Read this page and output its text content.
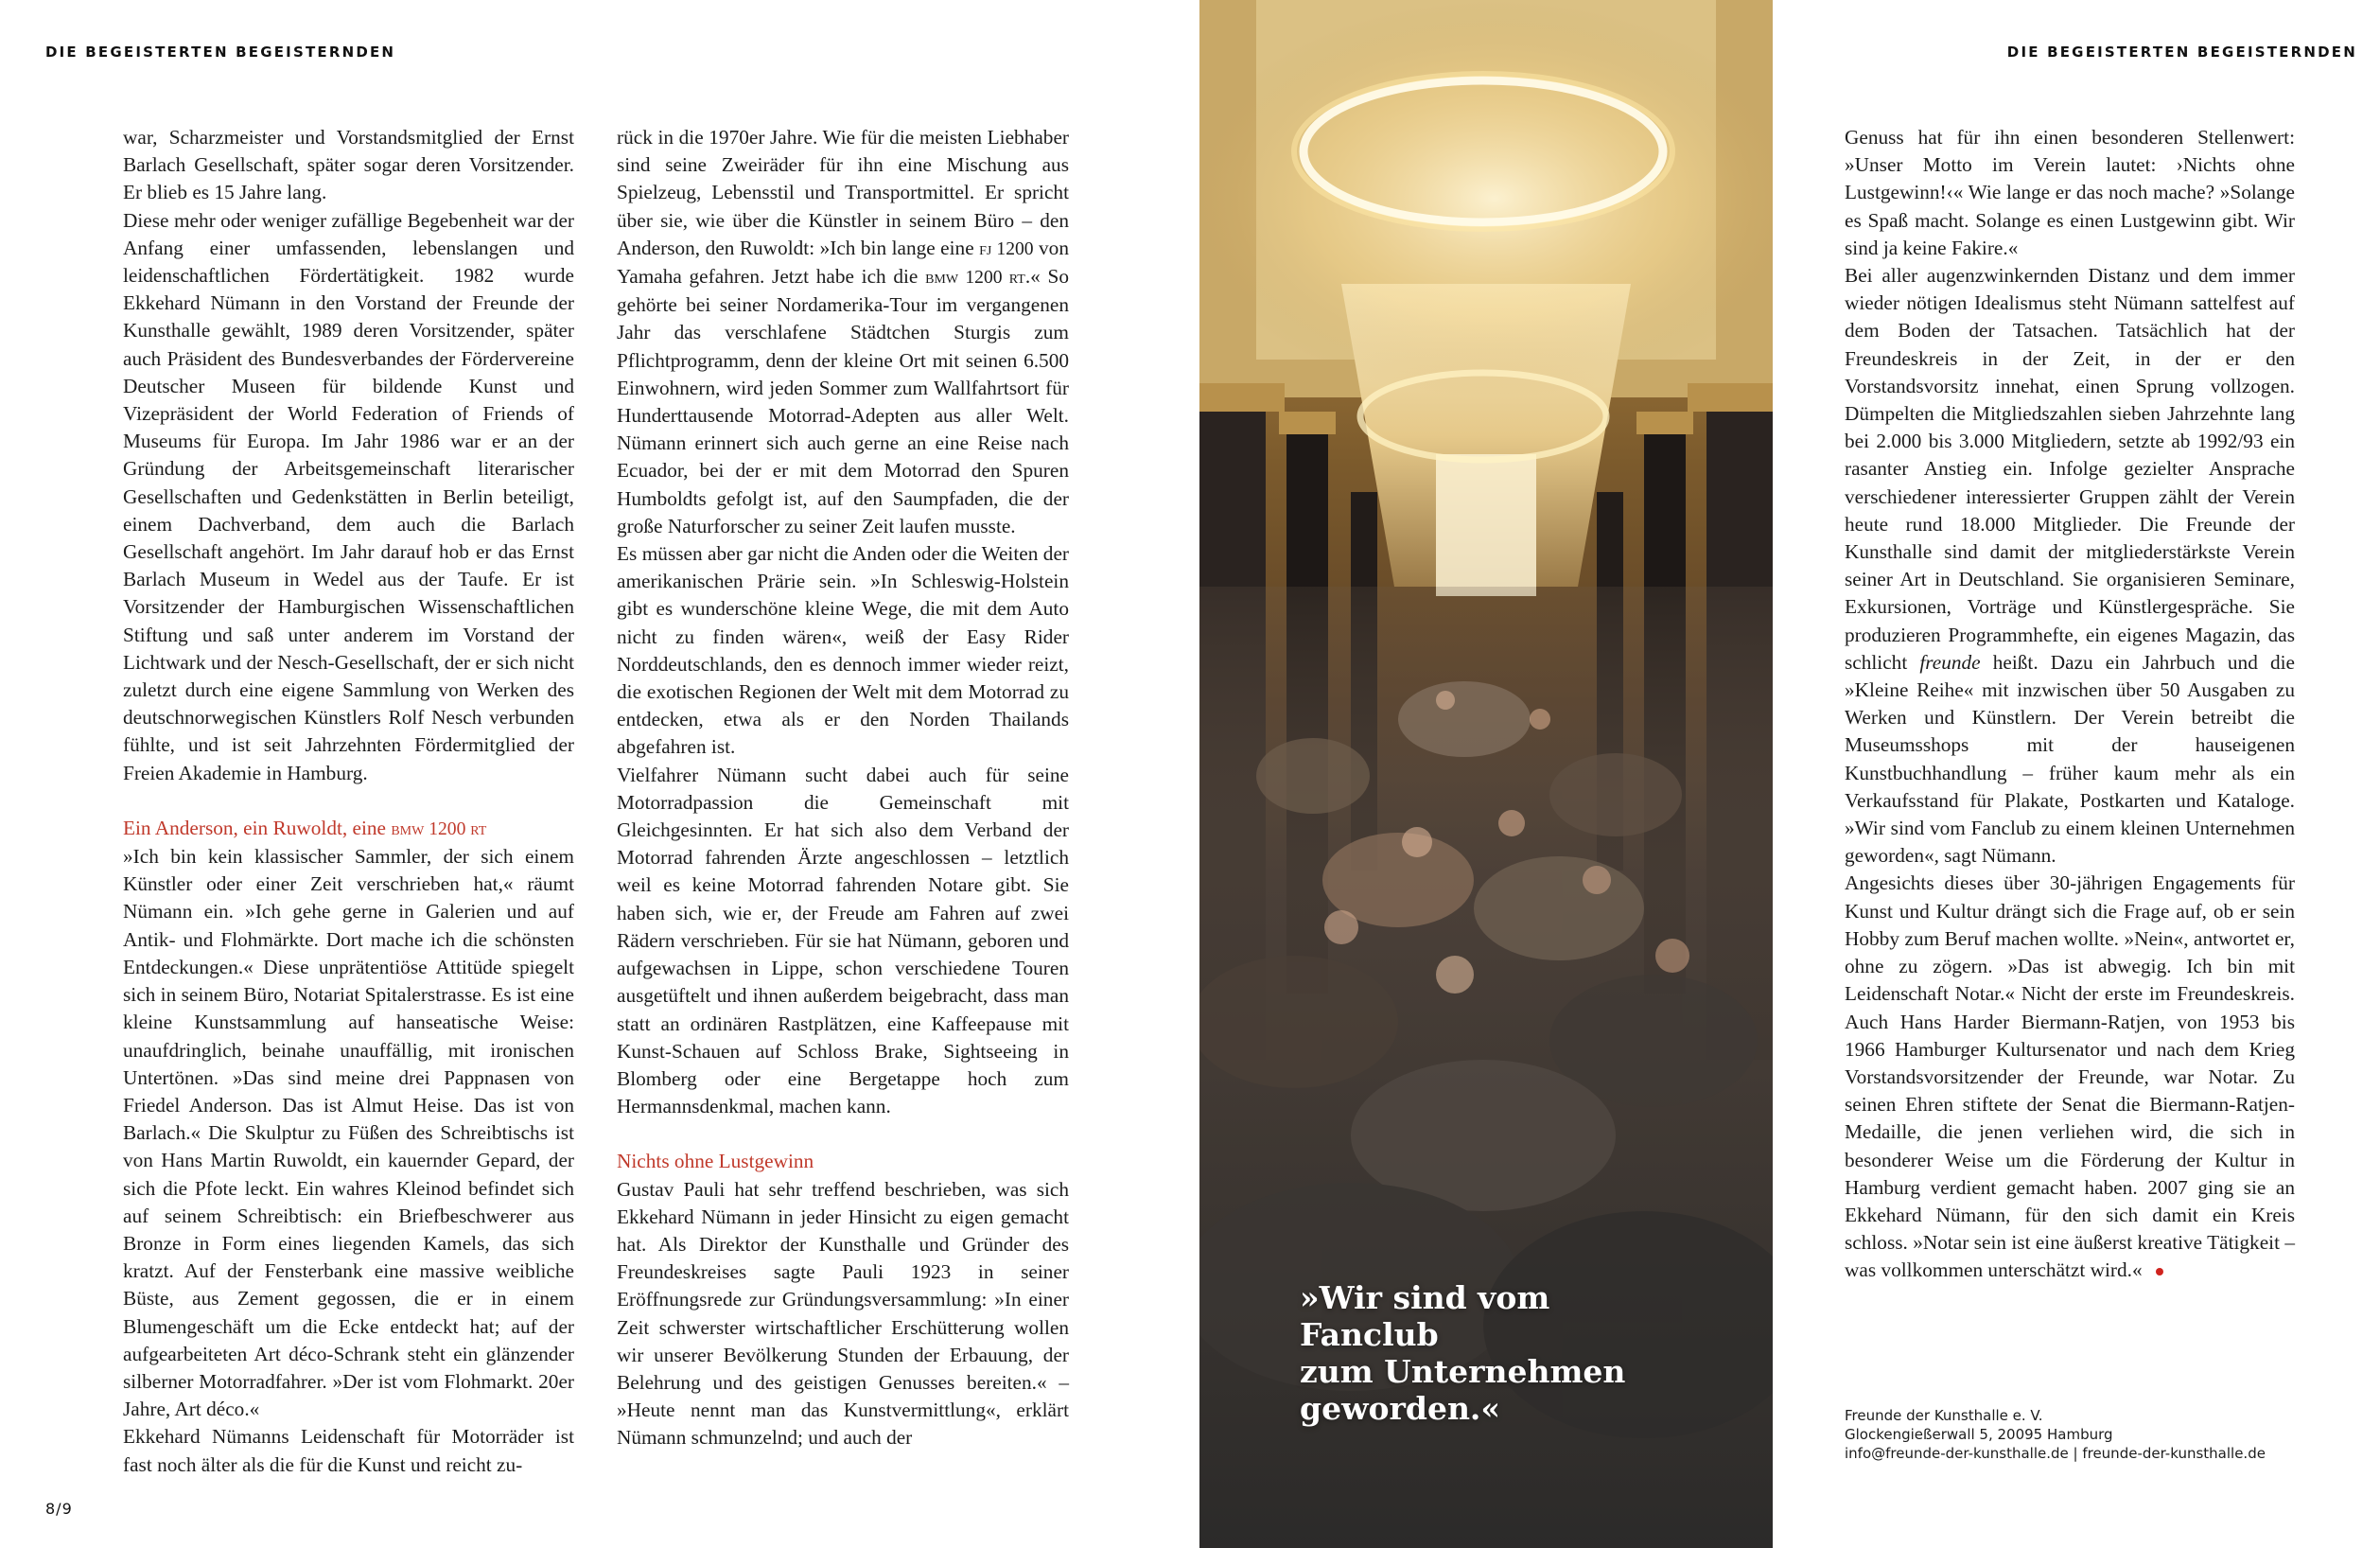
DIE BEGEISTERTEN BEGEISTERNDEN	DIE BEGEISTERTEN BEGEISTERNDEN

war, Scharzmeister und Vorstandsmitglied der Ernst Barlach Gesellschaft, später sogar deren Vorsitzender. Er blieb es 15 Jahre lang.

Diese mehr oder weniger zufällige Begebenheit war der Anfang einer umfassenden, lebenslangen und leidenschaftlichen Fördertätigkeit. 1982 wurde Ekkehard Nümann in den Vorstand der Freunde der Kunsthalle gewählt, 1989 deren Vorsitzender, später auch Präsident des Bundesverbandes der Fördervereine Deutscher Museen für bildende Kunst und Vizepräsident der World Federation of Friends of Museums für Europa. Im Jahr 1986 war er an der Gründung der Arbeitsgemeinschaft literarischer Gesellschaften und Gedenkstätten in Berlin beteiligt, einem Dachverband, dem auch die Barlach Gesellschaft angehört. Im Jahr darauf hob er das Ernst Barlach Museum in Wedel aus der Taufe. Er ist Vorsitzender der Hamburgischen Wissenschaftlichen Stiftung und saß unter anderem im Vorstand der Lichtwark und der Nesch-Gesellschaft, der er sich nicht zuletzt durch eine eigene Sammlung von Werken des deutschnorwegischen Künstlers Rolf Nesch verbunden fühlte, und ist seit Jahrzehnten Fördermitglied der Freien Akademie in Hamburg.

Ein Anderson, ein Ruwoldt, eine bmw 1200 rt

»Ich bin kein klassischer Sammler, der sich einem Künstler oder einer Zeit verschrieben hat,« räumt Nümann ein. »Ich gehe gerne in Galerien und auf Antik- und Flohmärkte. Dort mache ich die schönsten Entdeckungen.« Diese unprätentiöse Attitüde spiegelt sich in seinem Büro, Notariat Spitalerstrasse. Es ist eine kleine Kunstsammlung auf hanseatische Weise: unaufdringlich, beinahe unauffällig, mit ironischen Untertönen. »Das sind meine drei Pappnasen von Friedel Anderson. Das ist Almut Heise. Das ist von Barlach.« Die Skulptur zu Füßen des Schreibtischs ist von Hans Martin Ruwoldt, ein kauernder Gepard, der sich die Pfote leckt. Ein wahres Kleinod befindet sich auf seinem Schreibtisch: ein Briefbeschwerer aus Bronze in Form eines liegenden Kamels, das sich kratzt. Auf der Fensterbank eine massive weibliche Büste, aus Zement gegossen, die er in einem Blumengeschäft um die Ecke entdeckt hat; auf der aufgearbeiteten Art déco-Schrank steht ein glänzender silberner Motorradfahrer. »Der ist vom Flohmarkt. 20er Jahre, Art déco.«

Ekkehard Nümanns Leidenschaft für Motorräder ist fast noch älter als die für die Kunst und reicht zu-

rück in die 1970er Jahre. Wie für die meisten Liebhaber sind seine Zweiräder für ihn eine Mischung aus Spielzeug, Lebensstil und Transportmittel. Er spricht über sie, wie über die Künstler in seinem Büro – den Anderson, den Ruwoldt: »Ich bin lange eine fj 1200 von Yamaha gefahren. Jetzt habe ich die bmw 1200 rt.« So gehörte bei seiner Nordamerika-Tour im vergangenen Jahr das verschlafene Städtchen Sturgis zum Pflichtprogramm, denn der kleine Ort mit seinen 6.500 Einwohnern, wird jeden Sommer zum Wallfahrtsort für Hunderttausende Motorrad-Adepten aus aller Welt. Nümann erinnert sich auch gerne an eine Reise nach Ecuador, bei der er mit dem Motorrad den Spuren Humboldts gefolgt ist, auf den Saumpfaden, die der große Naturforscher zu seiner Zeit laufen musste.

Es müssen aber gar nicht die Anden oder die Weiten der amerikanischen Prärie sein. »In Schleswig-Holstein gibt es wunderschöne kleine Wege, die mit dem Auto nicht zu finden wären«, weiß der Easy Rider Norddeutschlands, den es dennoch immer wieder reizt, die exotischen Regionen der Welt mit dem Motorrad zu entdecken, etwa als er den Norden Thailands abgefahren ist.

Vielfahrer Nümann sucht dabei auch für seine Motorradpassion die Gemeinschaft mit Gleichgesinnten. Er hat sich also dem Verband der Motorrad fahrenden Ärzte angeschlossen – letztlich weil es keine Motorrad fahrenden Notare gibt. Sie haben sich, wie er, der Freude am Fahren auf zwei Rädern verschrieben. Für sie hat Nümann, geboren und aufgewachsen in Lippe, schon verschiedene Touren ausgetüftelt und ihnen außerdem beigebracht, dass man statt an ordinären Rastplätzen, eine Kaffeepause mit Kunst-Schauen auf Schloss Brake, Sightseeing in Blomberg oder eine Bergetappe hoch zum Hermannsdenkmal, machen kann.

Nichts ohne Lustgewinn

Gustav Pauli hat sehr treffend beschrieben, was sich Ekkehard Nümann in jeder Hinsicht zu eigen gemacht hat. Als Direktor der Kunsthalle und Gründer des Freundeskreises sagte Pauli 1923 in seiner Eröffnungsrede zur Gründungsversammlung: »In einer Zeit schwerster wirtschaftlicher Erschütterung wollen wir unserer Bevölkerung Stunden der Erbauung, der Belehrung und des geistigen Genusses bereiten.« – »Heute nennt man das Kunstvermittlung«, erklärt Nümann schmunzelnd; und auch der

»Wir sind vom Fanclub
zum Unternehmen
geworden.«

Genuss hat für ihn einen besonderen Stellenwert: »Unser Motto im Verein lautet: ›Nichts ohne Lustgewinn!‹« Wie lange er das noch mache? »Solange es Spaß macht. Solange es einen Lustgewinn gibt. Wir sind ja keine Fakire.«

Bei aller augenzwinkernden Distanz und dem immer wieder nötigen Idealismus steht Nümann sattelfest auf dem Boden der Tatsachen. Tatsächlich hat der Freundeskreis in der Zeit, in der er den Vorstandsvorsitz innehat, einen Sprung vollzogen. Dümpelten die Mitgliedszahlen sieben Jahrzehnte lang bei 2.000 bis 3.000 Mitgliedern, setzte ab 1992/93 ein rasanter Anstieg ein. Infolge gezielter Ansprache verschiedener interessierter Gruppen zählt der Verein heute rund 18.000 Mitglieder. Die Freunde der Kunsthalle sind damit der mitgliederstärkste Verein seiner Art in Deutschland. Sie organisieren Seminare, Exkursionen, Vorträge und Künstlergespräche. Sie produzieren Programmhefte, ein eigenes Magazin, das schlicht freunde heißt. Dazu ein Jahrbuch und die »Kleine Reihe« mit inzwischen über 50 Ausgaben zu Werken und Künstlern. Der Verein betreibt die Museumsshops mit der hauseigenen Kunstbuchhandlung – früher kaum mehr als ein Verkaufsstand für Plakate, Postkarten und Kataloge. »Wir sind vom Fanclub zu einem kleinen Unternehmen geworden«, sagt Nümann.

Angesichts dieses über 30-jährigen Engagements für Kunst und Kultur drängt sich die Frage auf, ob er sein Hobby zum Beruf machen wollte. »Nein«, antwortet er, ohne zu zögern. »Das ist abwegig. Ich bin mit Leidenschaft Notar.« Nicht der erste im Freundeskreis. Auch Hans Harder Biermann-Ratjen, von 1953 bis 1966 Hamburger Kultursenator und nach dem Krieg Vorstandsvorsitzender der Freunde, war Notar. Zu seinen Ehren stiftete der Senat die Biermann-Ratjen-Medaille, die jenen verliehen wird, die sich in besonderer Weise um die Förderung der Kultur in Hamburg verdient gemacht haben. 2007 ging sie an Ekkehard Nümann, für den sich damit ein Kreis schloss. »Notar sein ist eine äußerst kreative Tätigkeit – was vollkommen unterschätzt wird.«

Freunde der Kunsthalle e. V.
Glockengießerwall 5, 20095 Hamburg
info@freunde-der-kunsthalle.de | freunde-der-kunsthalle.de
8/9
